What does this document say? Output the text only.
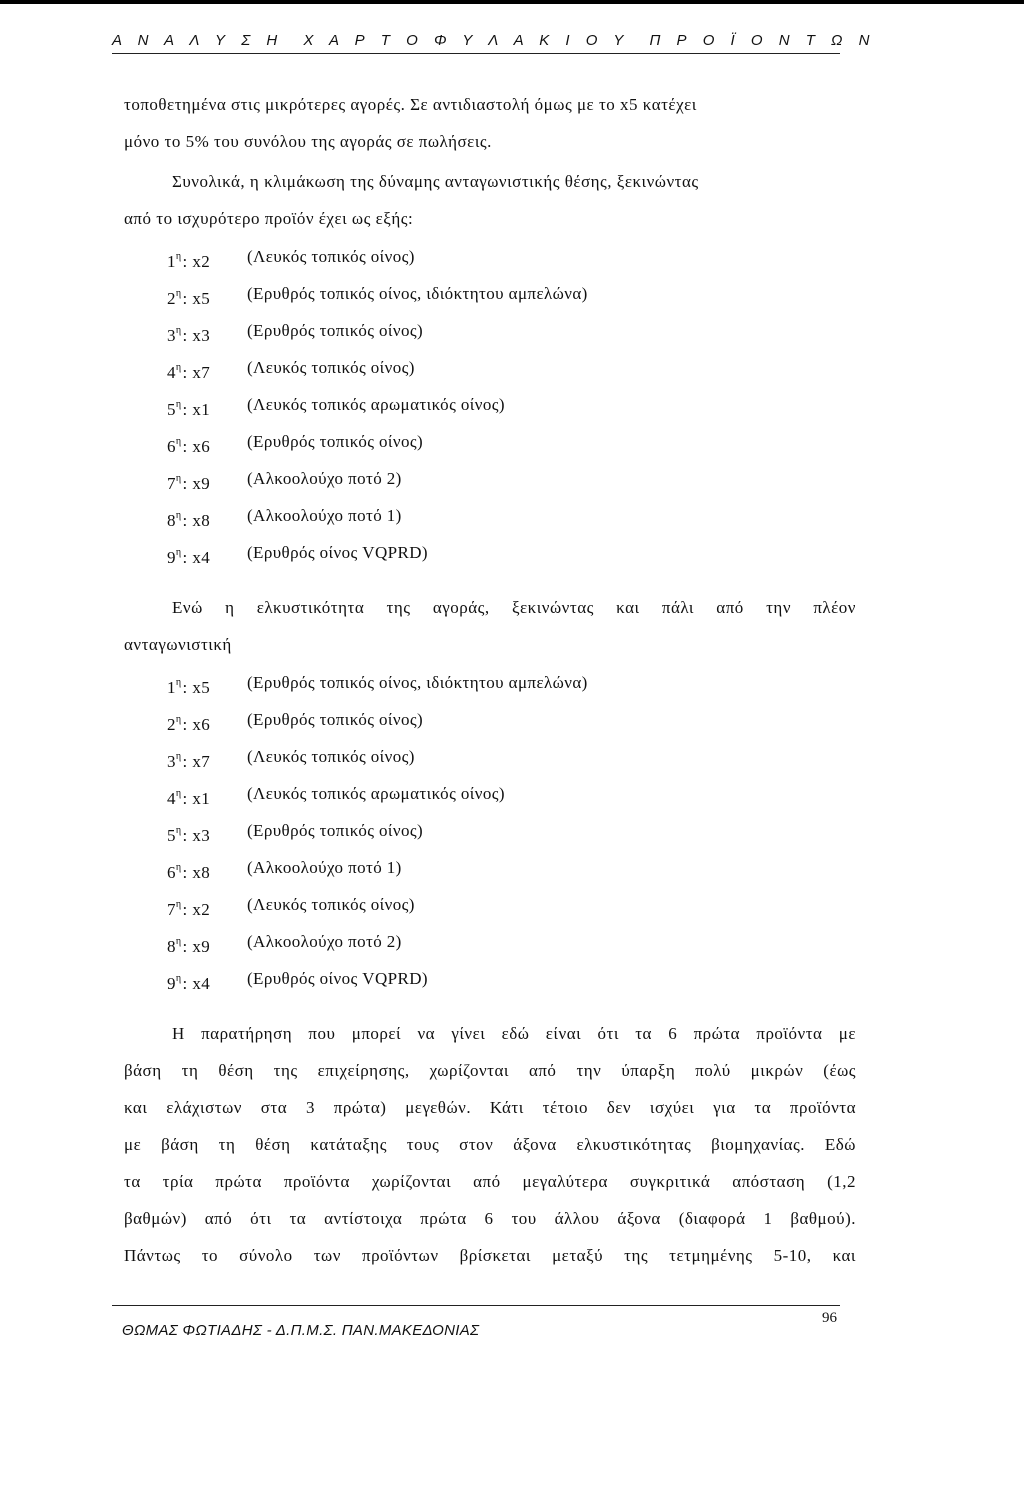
Α Ν Α Λ Υ Σ Η Χ Α Ρ Τ Ο Φ Υ Λ Α Κ Ι Ο Υ Π Ρ Ο Ϊ Ο Ν Τ Ω Ν

τοποθετημένα στις μικρότερες αγορές. Σε αντιδιαστολή όμως με το x5 κατέχει

μόνο το 5% του συνόλου της αγοράς σε πωλήσεις.

Συνολικά, η κλιμάκωση της δύναμης ανταγωνιστικής θέσης, ξεκινώντας

από το ισχυρότερο προϊόν έχει ως εξής:

$1^\eta$: x2	(Λευκός τοπικός οίνος)
$2^\eta$: x5	(Ερυθρός τοπικός οίνος, ιδιόκτητου αμπελώνα)
$3^\eta$: x3	(Ερυθρός τοπικός οίνος)
$4^\eta$: x7	(Λευκός τοπικός οίνος)
$5^\eta$: x1	(Λευκός τοπικός αρωματικός οίνος)
$6^\eta$: x6	(Ερυθρός τοπικός οίνος)
$7^\eta$: x9	(Αλκοολούχο ποτό 2)
$8^\eta$: x8	(Αλκοολούχο ποτό 1)
$9^\eta$: x4	(Ερυθρός οίνος VQPRD)

Ενώ η ελκυστικότητα της αγοράς, ξεκινώντας και πάλι από την πλέον

ανταγωνιστική

$1^\eta$: x5	(Ερυθρός τοπικός οίνος, ιδιόκτητου αμπελώνα)
$2^\eta$: x6	(Ερυθρός τοπικός οίνος)
$3^\eta$: x7	(Λευκός τοπικός οίνος)
$4^\eta$: x1	(Λευκός τοπικός αρωματικός οίνος)
$5^\eta$: x3	(Ερυθρός τοπικός οίνος)
$6^\eta$: x8	(Αλκοολούχο ποτό 1)
$7^\eta$: x2	(Λευκός τοπικός οίνος)
$8^\eta$: x9	(Αλκοολούχο ποτό 2)
$9^\eta$: x4	(Ερυθρός οίνος VQPRD)

Η παρατήρηση που μπορεί να γίνει εδώ είναι ότι τα 6 πρώτα προϊόντα με

βάση τη θέση της επιχείρησης, χωρίζονται από την ύπαρξη πολύ μικρών (έως

και ελάχιστων στα 3 πρώτα) μεγεθών. Κάτι τέτοιο δεν ισχύει για τα προϊόντα

με βάση τη θέση κατάταξης τους στον άξονα ελκυστικότητας βιομηχανίας. Εδώ

τα τρία πρώτα προϊόντα χωρίζονται από μεγαλύτερα συγκριτικά απόσταση (1,2

βαθμών) από ότι τα αντίστοιχα πρώτα 6 του άλλου άξονα (διαφορά 1 βαθμού).

Πάντως το σύνολο των προϊόντων βρίσκεται μεταξύ της τετμημένης 5-10, και

ΘΩΜΑΣ ΦΩΤΙΑΔΗΣ - Δ.Π.Μ.Σ. ΠΑΝ.ΜΑΚΕΔΟΝΙΑΣ
96
